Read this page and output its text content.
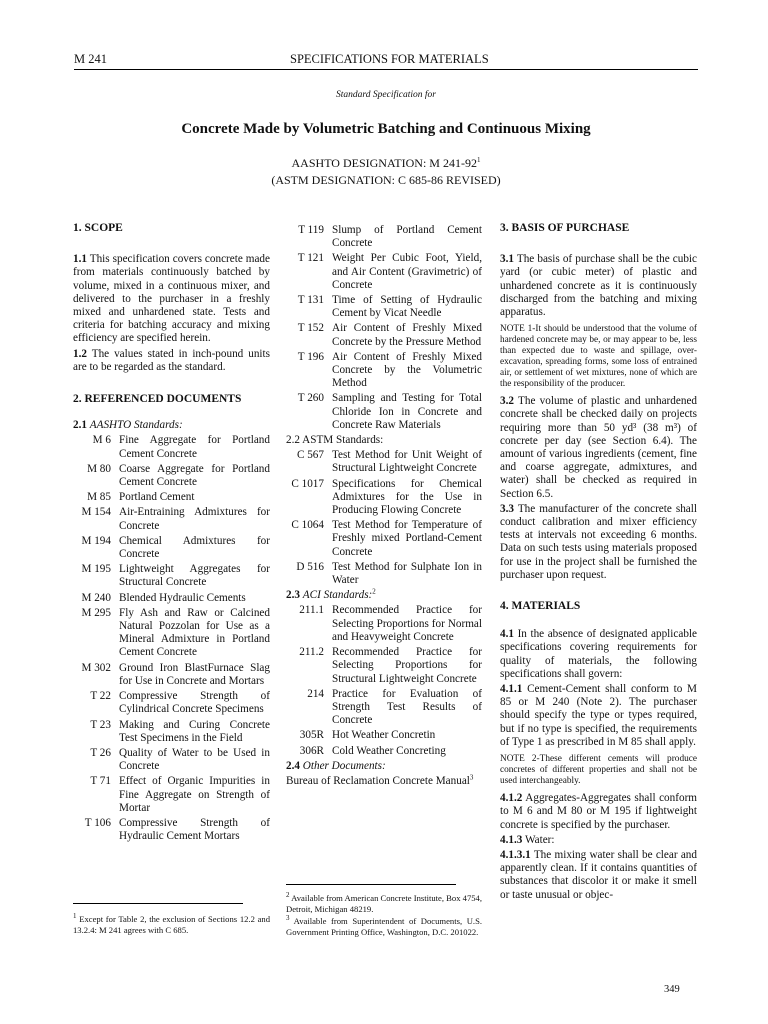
M 241	SPECIFICATIONS FOR MATERIALS
Standard Specification for
Concrete Made by Volumetric Batching and Continuous Mixing
AASHTO DESIGNATION: M $241-92^1$
(ASTM DESIGNATION: C 685-86 REVISED)

1. SCOPE

1.1 This specification covers concrete made from materials continuously batched by volume, mixed in a continuous mixer, and delivered to the purchaser in a freshly mixed and unhardened state. Tests and criteria for batching accuracy and mixing efficiency are specified herein.

1.2 The values stated in inch-pound units are to be regarded as the standard.

2. REFERENCED DOCUMENTS

2.1 AASHTO Standards:

M 6 Fine Aggregate for Portland Cement Concrete
M 80 Coarse Aggregate for Portland Cement Concrete
M 85 Portland Cement
M 154 Air-Entraining Admixtures for Concrete
M 194 Chemical Admixtures for Concrete
M 195 Lightweight Aggregates for Structural Concrete
M 240 Blended Hydraulic Cements
M 295 Fly Ash and Raw or Calcined Natural Pozzolan for Use as a Mineral Admixture in Portland Cement Concrete
M 302 Ground Iron BlastFurnace Slag for Use in Concrete and Mortars
T 22 Compressive Strength of Cylindrical Concrete Specimens
T 23 Making and Curing Concrete Test Specimens in the Field
T 26 Quality of Water to be Used in Concrete
T 71 Effect of Organic Impurities in Fine Aggregate on Strength of Mortar
T 106 Compressive Strength of Hydraulic Cement Mortars

$^1$ Except for Table 2, the exclusion of Sections 12.2 and 13.2.4: M 241 agrees with C 685.

T 119 Slump of Portland Cement Concrete
T 121 Weight Per Cubic Foot, Yield, and Air Content (Gravimetric) of Concrete
T 131 Time of Setting of Hydraulic Cement by Vicat Needle
T 152 Air Content of Freshly Mixed Concrete by the Pressure Method
T 196 Air Content of Freshly Mixed Concrete by the Volumetric Method
T 260 Sampling and Testing for Total Chloride Ion in Concrete and Concrete Raw Materials

2.2 ASTM Standards:

C 567 Test Method for Unit Weight of Structural Lightweight Concrete
C 1017 Specifications for Chemical Admixtures for the Use in Producing Flowing Concrete
C 1064 Test Method for Temperature of Freshly mixed Portland-Cement Concrete
D 516 Test Method for Sulphate Ion in Water

2.3 ACI Standards:$^2$

211.1 Recommended Practice for Selecting Proportions for Normal and Heavyweight Concrete
211.2 Recommended Practice for Selecting Proportions for Structural Lightweight Concrete
214 Practice for Evaluation of Strength Test Results of Concrete
305R Hot Weather Concretin
306R Cold Weather Concreting

2.4 Other Documents:

Bureau of Reclamation Concrete Manual$^3$

$^2$ Available from American Concrete Institute, Box 4754, Detroit, Michigan 48219.

$^3$ Available from Superintendent of Documents, U.S. Government Printing Office, Washington, D.C. 201022.

3. BASIS OF PURCHASE

3.1 The basis of purchase shall be the cubic yard (or cubic meter) of plastic and unhardened concrete as it is continuously discharged from the batching and mixing apparatus.

NOTE 1-It should be understood that the volume of hardened concrete may be, or may appear to be, less than expected due to waste and spillage, over-excavation, spreading forms, some loss of entrained air, or settlement of wet mixtures, none of which are the responsibility of the producer.

3.2 The volume of plastic and unhardened concrete shall be checked daily on projects requiring more than 50 yd³ (38 m³) of concrete per day (see Section 6.4). The amount of various ingredients (cement, fine and coarse aggregate, admixtures, and water) shall be checked as required in Section 6.5.

3.3 The manufacturer of the concrete shall conduct calibration and mixer efficiency tests at intervals not exceeding 6 months. Data on such tests using materials proposed for use in the project shall be furnished the purchaser upon request.

4. MATERIALS

4.1 In the absence of designated applicable specifications covering requirements for quality of materials, the following specifications shall govern:

4.1.1 Cement-Cement shall conform to M 85 or M 240 (Note 2). The purchaser should specify the type or types required, but if no type is specified, the requirements of Type 1 as prescribed in M 85 shall apply.

NOTE 2-These different cements will produce concretes of different properties and shall not be used interchangeably.

4.1.2 Aggregates-Aggregates shall conform to M 6 and M 80 or M 195 if lightweight concrete is specified by the purchaser.

4.1.3 Water:

4.1.3.1 The mixing water shall be clear and apparently clean. If it contains quantities of substances that discolor it or make it smell or taste unusual or objec-

349
